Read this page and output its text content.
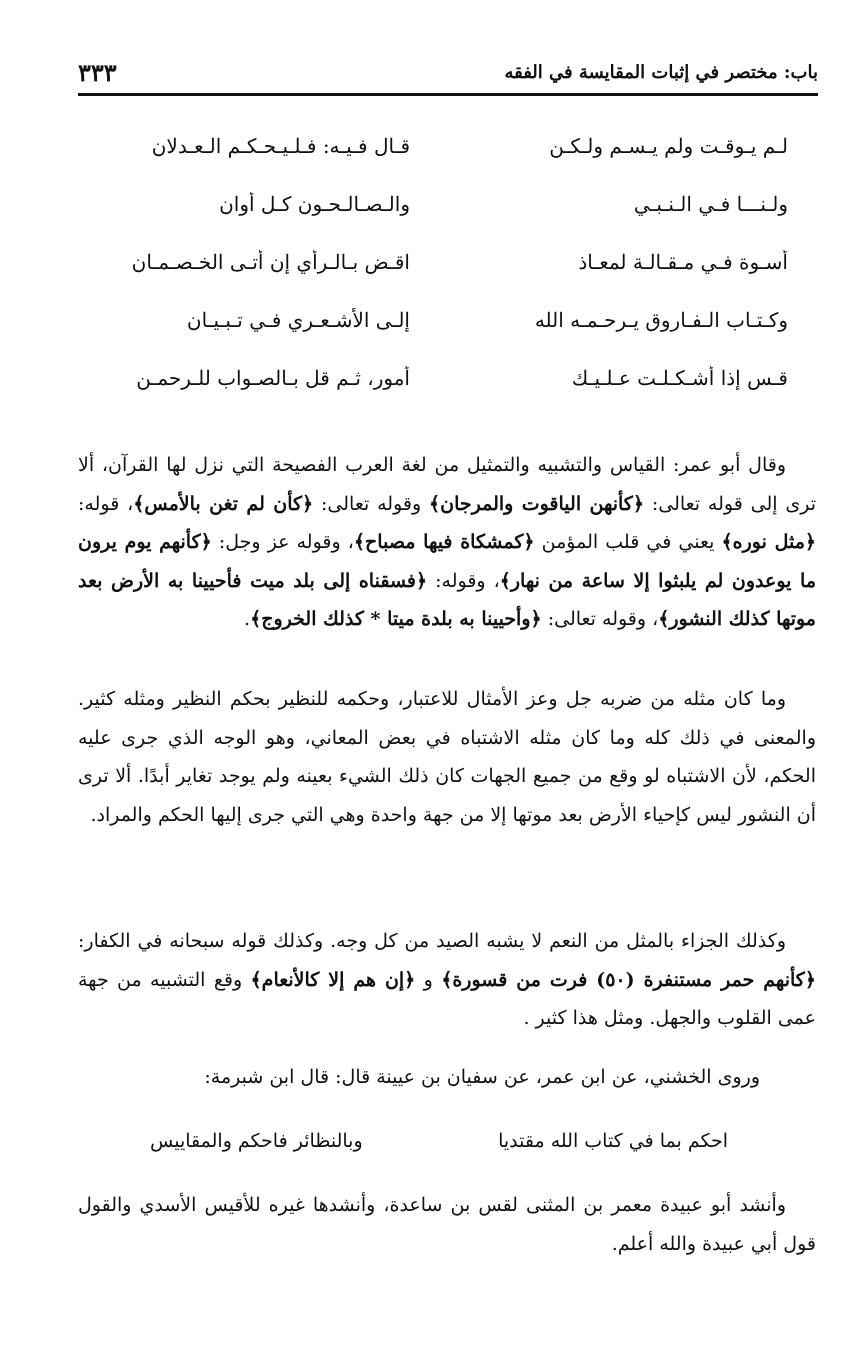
باب: مختصر في إثبات المقايسة في الفقه
٣٣٣
لـم يـوقـت ولم يـسـم ولـكـن
قـال فـيـه: فـلـيـحـكـم الـعـدلان
ولـنـــا فـي الـنـبـي
والـصـالـحـون كـل أوان
أسـوة فـي مـقـالـة لمعـاذ
اقـض بـالـرأي إن أتـى الخـصـمـان
وكـتـاب الـفـاروق يـرحـمـه الله
إلـى الأشـعـري فـي تـبـيـان
قـس إذا أشـكـلـت عـلـيـك
أمور، ثـم قل بـالصـواب للـرحمـن

وقال أبو عمر: القياس والتشبيه والتمثيل من لغة العرب الفصيحة التي نزل لها القرآن، ألا ترى إلى قوله تعالى: ﴿كأنهن الياقوت والمرجان﴾ وقوله تعالى: ﴿كأن لم تغن بالأمس﴾، قوله: ﴿مثل نوره﴾ يعني في قلب المؤمن ﴿كمشكاة فيها مصباح﴾، وقوله عز وجل: ﴿كأنهم يوم يرون ما يوعدون لم يلبثوا إلا ساعة من نهار﴾، وقوله: ﴿فسقناه إلى بلد ميت فأحيينا به الأرض بعد موتها كذلك النشور﴾، وقوله تعالى: ﴿وأحيينا به بلدة ميتا * كذلك الخروج﴾.

وما كان مثله من ضربه جل وعز الأمثال للاعتبار، وحكمه للنظير بحكم النظير ومثله كثير. والمعنى في ذلك كله وما كان مثله الاشتباه في بعض المعاني، وهو الوجه الذي جرى عليه الحكم، لأن الاشتباه لو وقع من جميع الجهات كان ذلك الشيء بعينه ولم يوجد تغاير أبدًا. ألا ترى أن النشور ليس كإحياء الأرض بعد موتها إلا من جهة واحدة وهي التي جرى إليها الحكم والمراد.

وكذلك الجزاء بالمثل من النعم لا يشبه الصيد من كل وجه. وكذلك قوله سبحانه في الكفار: ﴿كأنهم حمر مستنفرة (٥٠) فرت من قسورة﴾ و ﴿إن هم إلا كالأنعام﴾ وقع التشبيه من جهة عمى القلوب والجهل. ومثل هذا كثير .

وروى الخشني، عن ابن عمر، عن سفيان بن عيينة قال: قال ابن شبرمة:
احكم بما في كتاب الله مقتديا
وبالنظائر فاحكم والمقاييس

وأنشد أبو عبيدة معمر بن المثنى لقس بن ساعدة، وأنشدها غيره للأقيس الأسدي والقول قول أبي عبيدة والله أعلم.
